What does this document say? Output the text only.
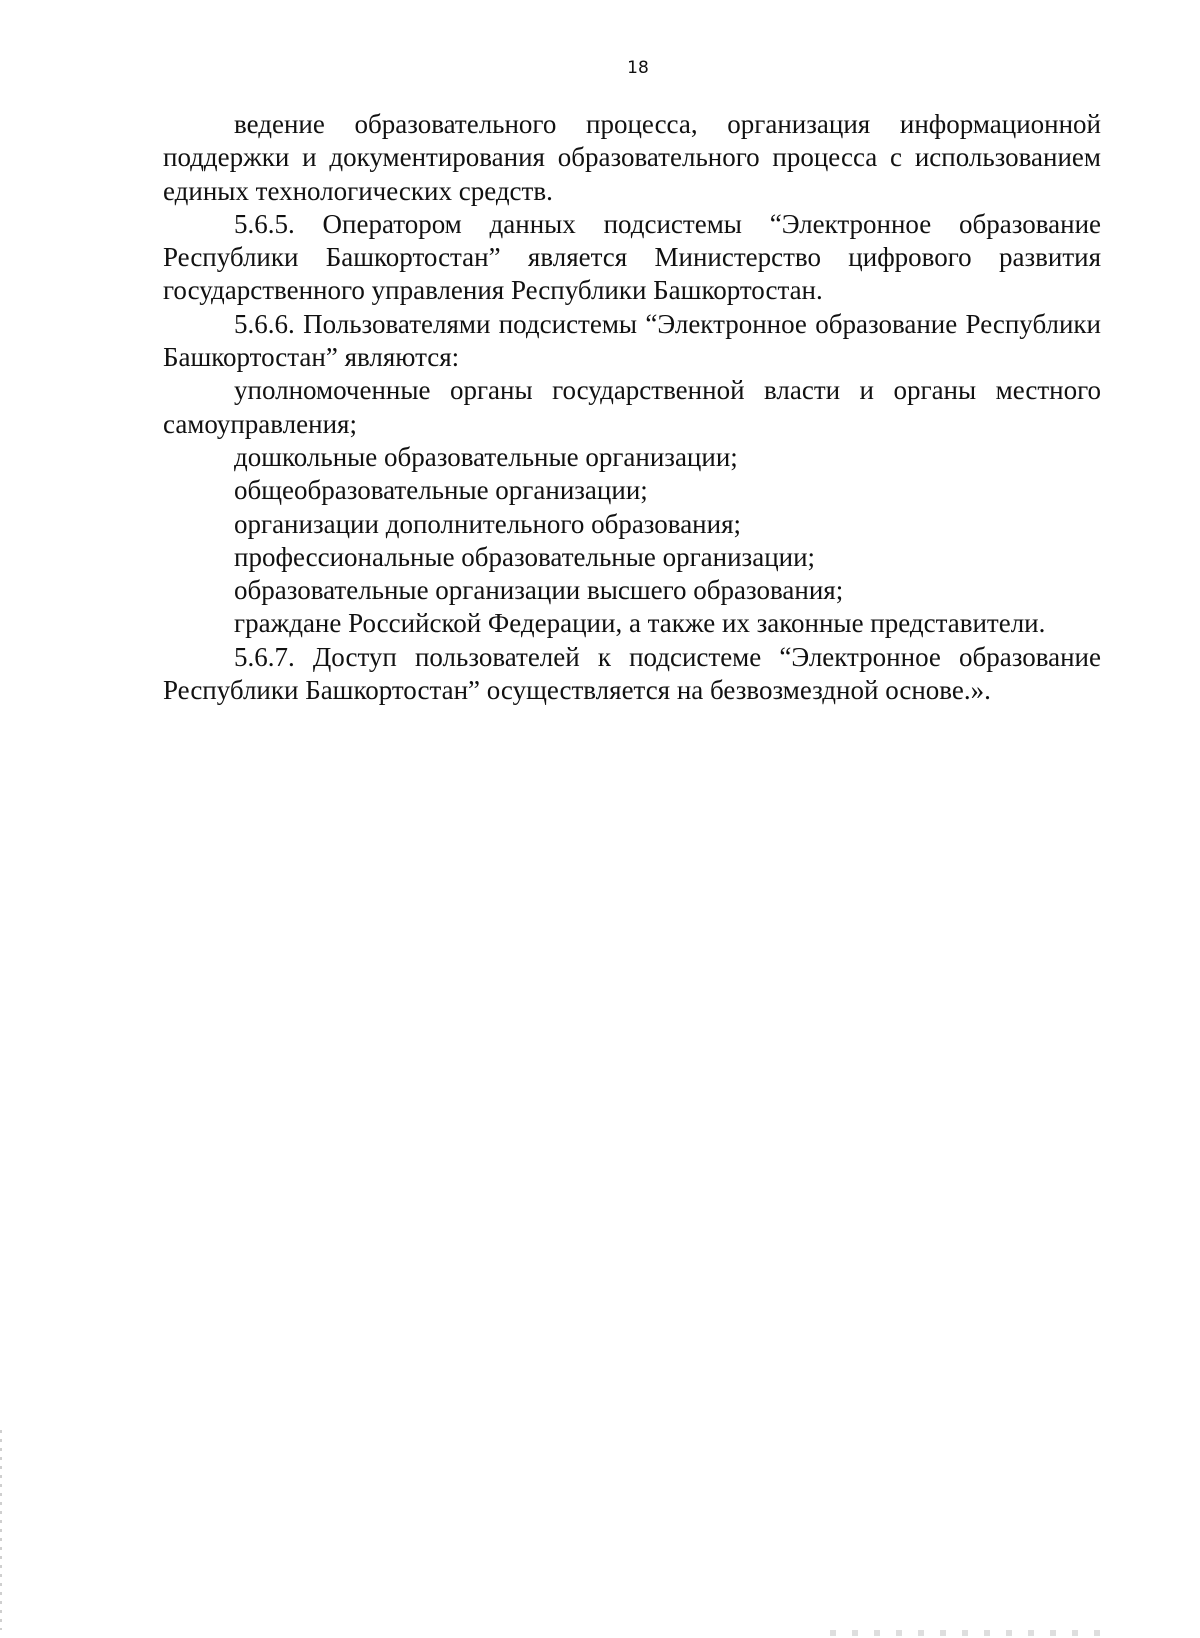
18

ведение образовательного процесса, организация информационной поддержки и документирования образовательного процесса с использованием единых технологических средств.

5.6.5. Оператором данных подсистемы “Электронное образование Республики Башкортостан” является Министерство цифрового развития государственного управления Республики Башкортостан.

5.6.6. Пользователями подсистемы “Электронное образование Республики Башкортостан” являются:

уполномоченные органы государственной власти и органы местного самоуправления;

дошкольные образовательные организации;

общеобразовательные организации;

организации дополнительного образования;

профессиональные образовательные организации;

образовательные организации высшего образования;

граждане Российской Федерации, а также их законные представители.

5.6.7. Доступ пользователей к подсистеме “Электронное образование Республики Башкортостан” осуществляется на безвозмездной основе.».
